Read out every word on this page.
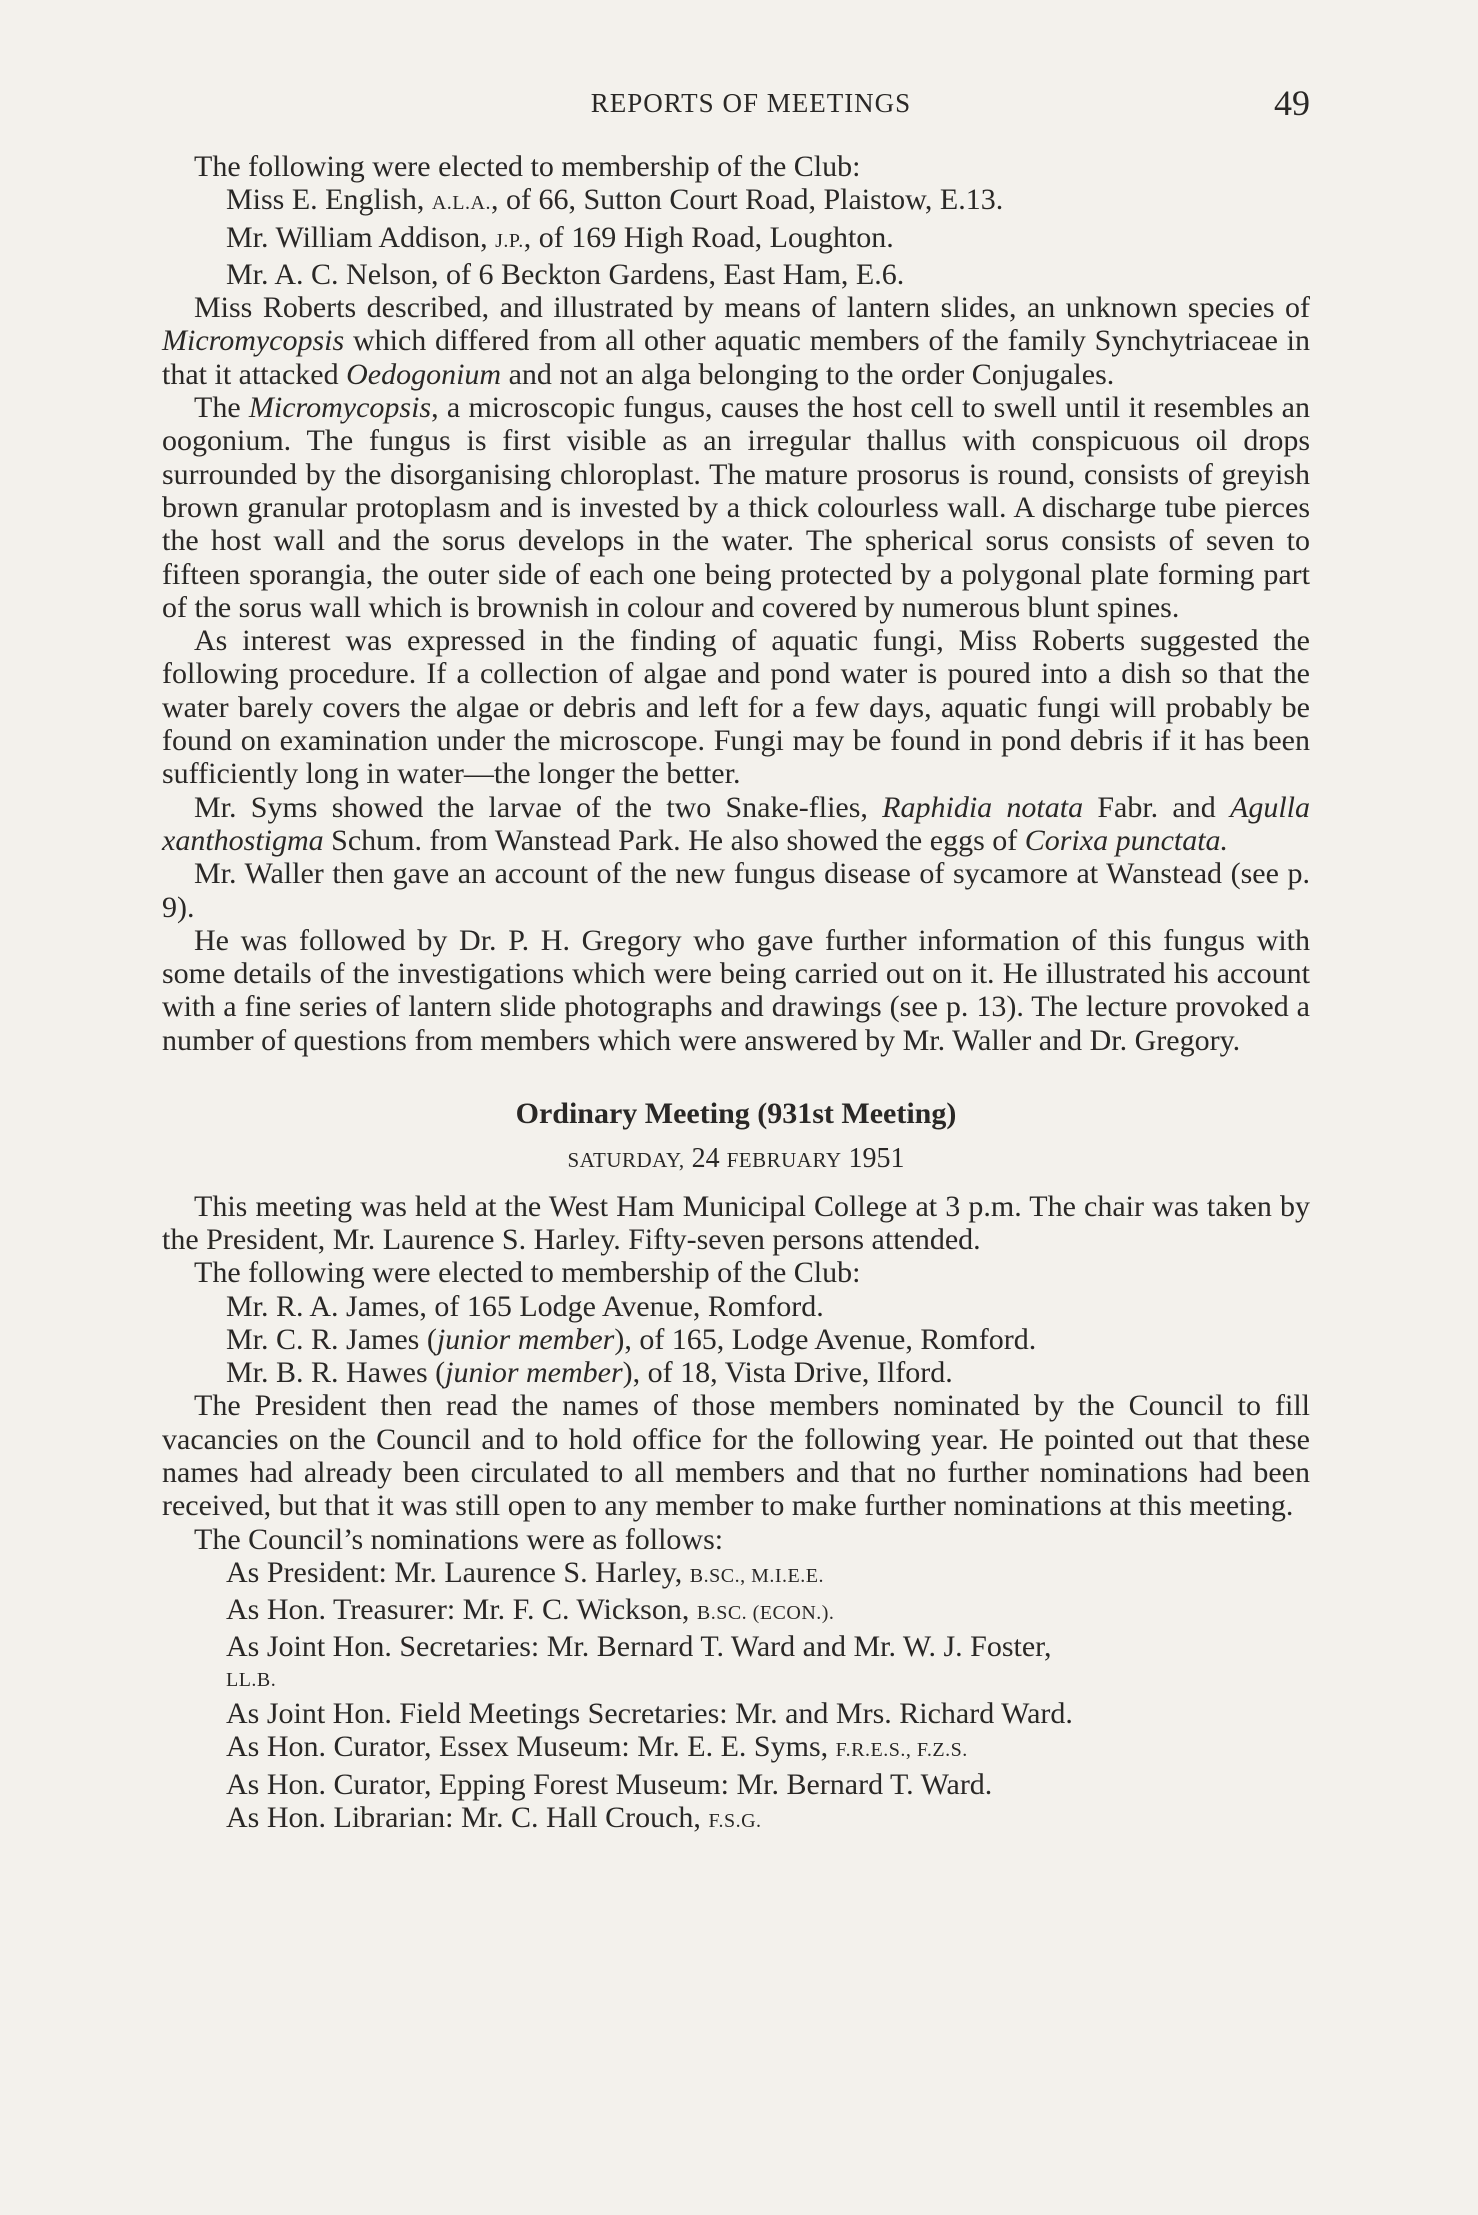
REPORTS OF MEETINGS	49

The following were elected to membership of the Club:

Miss E. English, A.L.A., of 66, Sutton Court Road, Plaistow, E.13.
Mr. William Addison, J.P., of 169 High Road, Loughton.
Mr. A. C. Nelson, of 6 Beckton Gardens, East Ham, E.6.

Miss Roberts described, and illustrated by means of lantern slides, an unknown species of Micromycopsis which differed from all other aquatic members of the family Synchytriaceae in that it attacked Oedogonium and not an alga belonging to the order Conjugales.

The Micromycopsis, a microscopic fungus, causes the host cell to swell until it resembles an oogonium. The fungus is first visible as an irregular thallus with conspicuous oil drops surrounded by the disorganising chloroplast. The mature prosorus is round, consists of greyish brown granular protoplasm and is invested by a thick colourless wall. A discharge tube pierces the host wall and the sorus develops in the water. The spherical sorus consists of seven to fifteen sporangia, the outer side of each one being protected by a polygonal plate forming part of the sorus wall which is brownish in colour and covered by numerous blunt spines.

As interest was expressed in the finding of aquatic fungi, Miss Roberts suggested the following procedure. If a collection of algae and pond water is poured into a dish so that the water barely covers the algae or debris and left for a few days, aquatic fungi will probably be found on examination under the microscope. Fungi may be found in pond debris if it has been sufficiently long in water—the longer the better.

Mr. Syms showed the larvae of the two Snake-flies, Raphidia notata Fabr. and Agulla xanthostigma Schum. from Wanstead Park. He also showed the eggs of Corixa punctata.

Mr. Waller then gave an account of the new fungus disease of sycamore at Wanstead (see p. 9).

He was followed by Dr. P. H. Gregory who gave further information of this fungus with some details of the investigations which were being carried out on it. He illustrated his account with a fine series of lantern slide photographs and drawings (see p. 13). The lecture provoked a number of questions from members which were answered by Mr. Waller and Dr. Gregory.

Ordinary Meeting (931st Meeting)
SATURDAY, 24 FEBRUARY 1951

This meeting was held at the West Ham Municipal College at 3 p.m. The chair was taken by the President, Mr. Laurence S. Harley. Fifty-seven persons attended.

The following were elected to membership of the Club:

Mr. R. A. James, of 165 Lodge Avenue, Romford.
Mr. C. R. James (junior member), of 165, Lodge Avenue, Romford.
Mr. B. R. Hawes (junior member), of 18, Vista Drive, Ilford.

The President then read the names of those members nominated by the Council to fill vacancies on the Council and to hold office for the following year. He pointed out that these names had already been circulated to all members and that no further nominations had been received, but that it was still open to any member to make further nominations at this meeting.

The Council’s nominations were as follows:

As President: Mr. Laurence S. Harley, B.SC., M.I.E.E.
As Hon. Treasurer: Mr. F. C. Wickson, B.SC. (ECON.).
As Joint Hon. Secretaries: Mr. Bernard T. Ward and Mr. W. J. Foster,
LL.B.
As Joint Hon. Field Meetings Secretaries: Mr. and Mrs. Richard Ward.
As Hon. Curator, Essex Museum: Mr. E. E. Syms, F.R.E.S., F.Z.S.
As Hon. Curator, Epping Forest Museum: Mr. Bernard T. Ward.
As Hon. Librarian: Mr. C. Hall Crouch, F.S.G.
